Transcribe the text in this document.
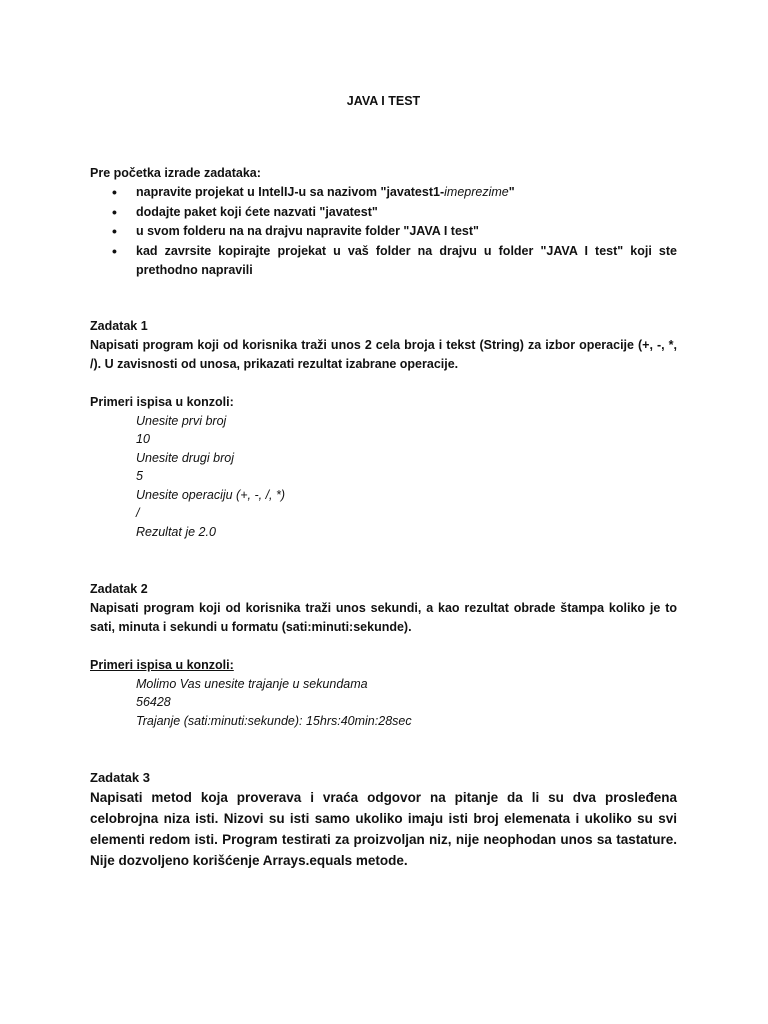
JAVA I TEST

Pre početka izrade zadataka:

• napravite projekat u IntelIJ-u sa nazivom "javatest1-imeprezime"
• dodajte paket koji ćete nazvati "javatest"
• u svom folderu na na drajvu napravite folder "JAVA I test"
• kad zavrsite kopirajte projekat u vaš folder na drajvu u folder "JAVA I test" koji ste prethodno napravili

Zadatak 1

Napisati program koji od korisnika traži unos 2 cela broja i tekst (String) za izbor operacije (+, -, *, /). U zavisnosti od unosa, prikazati rezultat izabrane operacije.

Primeri ispisa u konzoli:

Unesite prvi broj
10
Unesite drugi broj
5
Unesite operaciju (+, -, /, *)
/
Rezultat je 2.0

Zadatak 2

Napisati program koji od korisnika traži unos sekundi, a kao rezultat obrade štampa koliko je to sati, minuta i sekundi u formatu (sati:minuti:sekunde).

Primeri ispisa u konzoli:

Molimo Vas unesite trajanje u sekundama
56428
Trajanje (sati:minuti:sekunde): 15hrs:40min:28sec

Zadatak 3

Napisati metod koja proverava i vraća odgovor na pitanje da li su dva prosleđena celobrojna niza isti. Nizovi su isti samo ukoliko imaju isti broj elemenata i ukoliko su svi elementi redom isti. Program testirati za proizvoljan niz, nije neophodan unos sa tastature. Nije dozvoljeno korišćenje Arrays.equals metode.
